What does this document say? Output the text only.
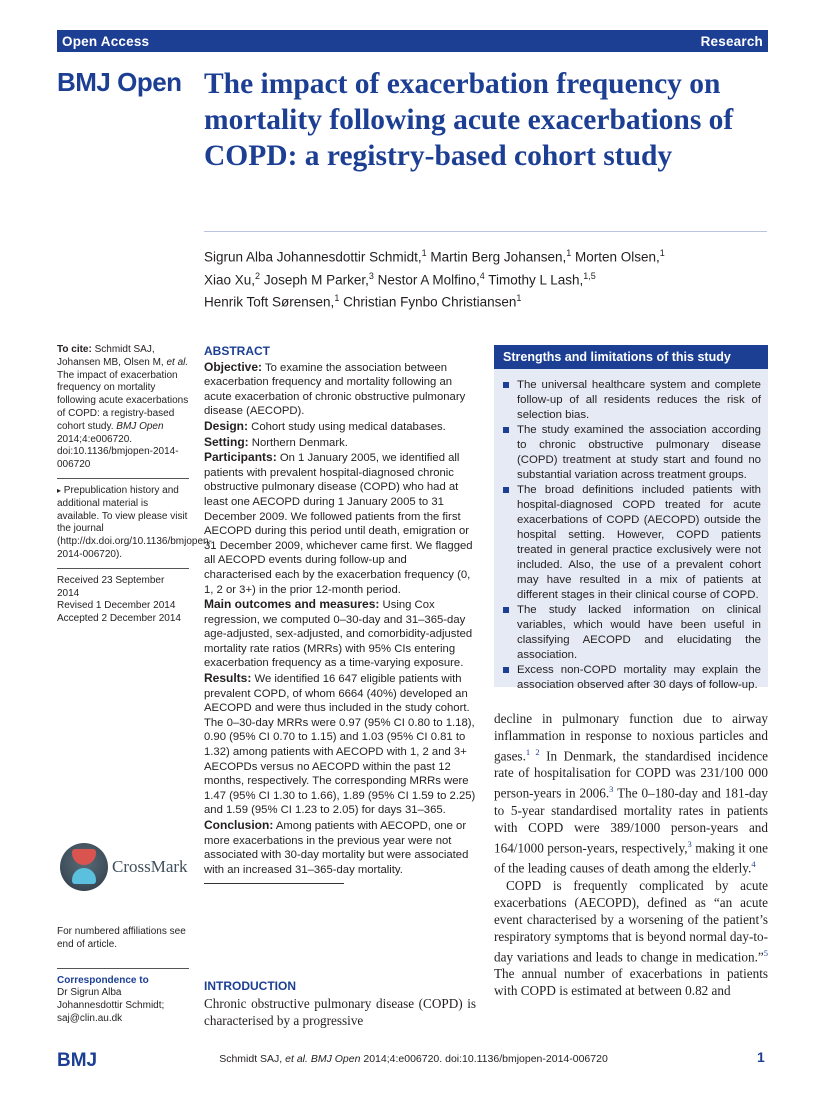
Open Access	Research
BMJ Open The impact of exacerbation frequency on mortality following acute exacerbations of COPD: a registry-based cohort study
Sigrun Alba Johannesdottir Schmidt,$^1$ Martin Berg Johansen,$^1$ Morten Olsen,$^1$
Xiao Xu,$^2$ Joseph M Parker,$^3$ Nestor A Molfino,$^4$ Timothy L Lash,$^{1,5}$
Henrik Toft Sørensen,$^1$ Christian Fynbo Christiansen$^1$
To cite: Schmidt SAJ, Johansen MB, Olsen M, et al. The impact of exacerbation frequency on mortality following acute exacerbations of COPD: a registry-based cohort study. BMJ Open 2014;4:e006720. doi:10.1136/bmjopen-2014-006720
▸ Prepublication history and additional material is available. To view please visit the journal (http://dx.doi.org/10.1136/bmjopen-2014-006720).
Received 23 September 2014
Revised 1 December 2014
Accepted 2 December 2014
CrossMark
For numbered affiliations see end of article.
Correspondence to
Dr Sigrun Alba Johannesdottir Schmidt;
saj@clin.au.dk
ABSTRACT

Objective: To examine the association between exacerbation frequency and mortality following an acute exacerbation of chronic obstructive pulmonary disease (AECOPD).

Design: Cohort study using medical databases.

Setting: Northern Denmark.

Participants: On 1 January 2005, we identified all patients with prevalent hospital-diagnosed chronic obstructive pulmonary disease (COPD) who had at least one AECOPD during 1 January 2005 to 31 December 2009. We followed patients from the first AECOPD during this period until death, emigration or 31 December 2009, whichever came first. We flagged all AECOPD events during follow-up and characterised each by the exacerbation frequency (0, 1, 2 or 3+) in the prior 12-month period.

Main outcomes and measures: Using Cox regression, we computed 0–30-day and 31–365-day age-adjusted, sex-adjusted, and comorbidity-adjusted mortality rate ratios (MRRs) with 95% CIs entering exacerbation frequency as a time-varying exposure.

Results: We identified 16 647 eligible patients with prevalent COPD, of whom 6664 (40%) developed an AECOPD and were thus included in the study cohort. The 0–30-day MRRs were 0.97 (95% CI 0.80 to 1.18), 0.90 (95% CI 0.70 to 1.15) and 1.03 (95% CI 0.81 to 1.32) among patients with AECOPD with 1, 2 and 3+ AECOPDs versus no AECOPD within the past 12 months, respectively. The corresponding MRRs were 1.47 (95% CI 1.30 to 1.66), 1.89 (95% CI 1.59 to 2.25) and 1.59 (95% CI 1.23 to 2.05) for days 31–365.

Conclusion: Among patients with AECOPD, one or more exacerbations in the previous year were not associated with 30-day mortality but were associated with an increased 31–365-day mortality.

INTRODUCTION

Chronic obstructive pulmonary disease (COPD) is characterised by a progressive

Strengths and limitations of this study
The universal healthcare system and complete follow-up of all residents reduces the risk of selection bias.
The study examined the association according to chronic obstructive pulmonary disease (COPD) treatment at study start and found no substantial variation across treatment groups.
The broad definitions included patients with hospital-diagnosed COPD treated for acute exacerbations of COPD (AECOPD) outside the hospital setting. However, COPD patients treated in general practice exclusively were not included. Also, the use of a prevalent cohort may have resulted in a mix of patients at different stages in their clinical course of COPD.
The study lacked information on clinical variables, which would have been useful in classifying AECOPD and elucidating the association.
Excess non-COPD mortality may explain the association observed after 30 days of follow-up.

decline in pulmonary function due to airway inflammation in response to noxious particles and gases.$^{1 2}$ In Denmark, the standardised incidence rate of hospitalisation for COPD was 231/100 000 person-years in 2006.$^3$ The 0–180-day and 181-day to 5-year standardised mortality rates in patients with COPD were 389/1000 person-years and 164/1000 person-years, respectively,$^3$ making it one of the leading causes of death among the elderly.$^4$

COPD is frequently complicated by acute exacerbations (AECOPD), defined as “an acute event characterised by a worsening of the patient’s respiratory symptoms that is beyond normal day-to-day variations and leads to change in medication.”$^5$ The annual number of exacerbations in patients with COPD is estimated at between 0.82 and

BMJ	Schmidt SAJ, et al. BMJ Open 2014;4:e006720. doi:10.1136/bmjopen-2014-006720	1
